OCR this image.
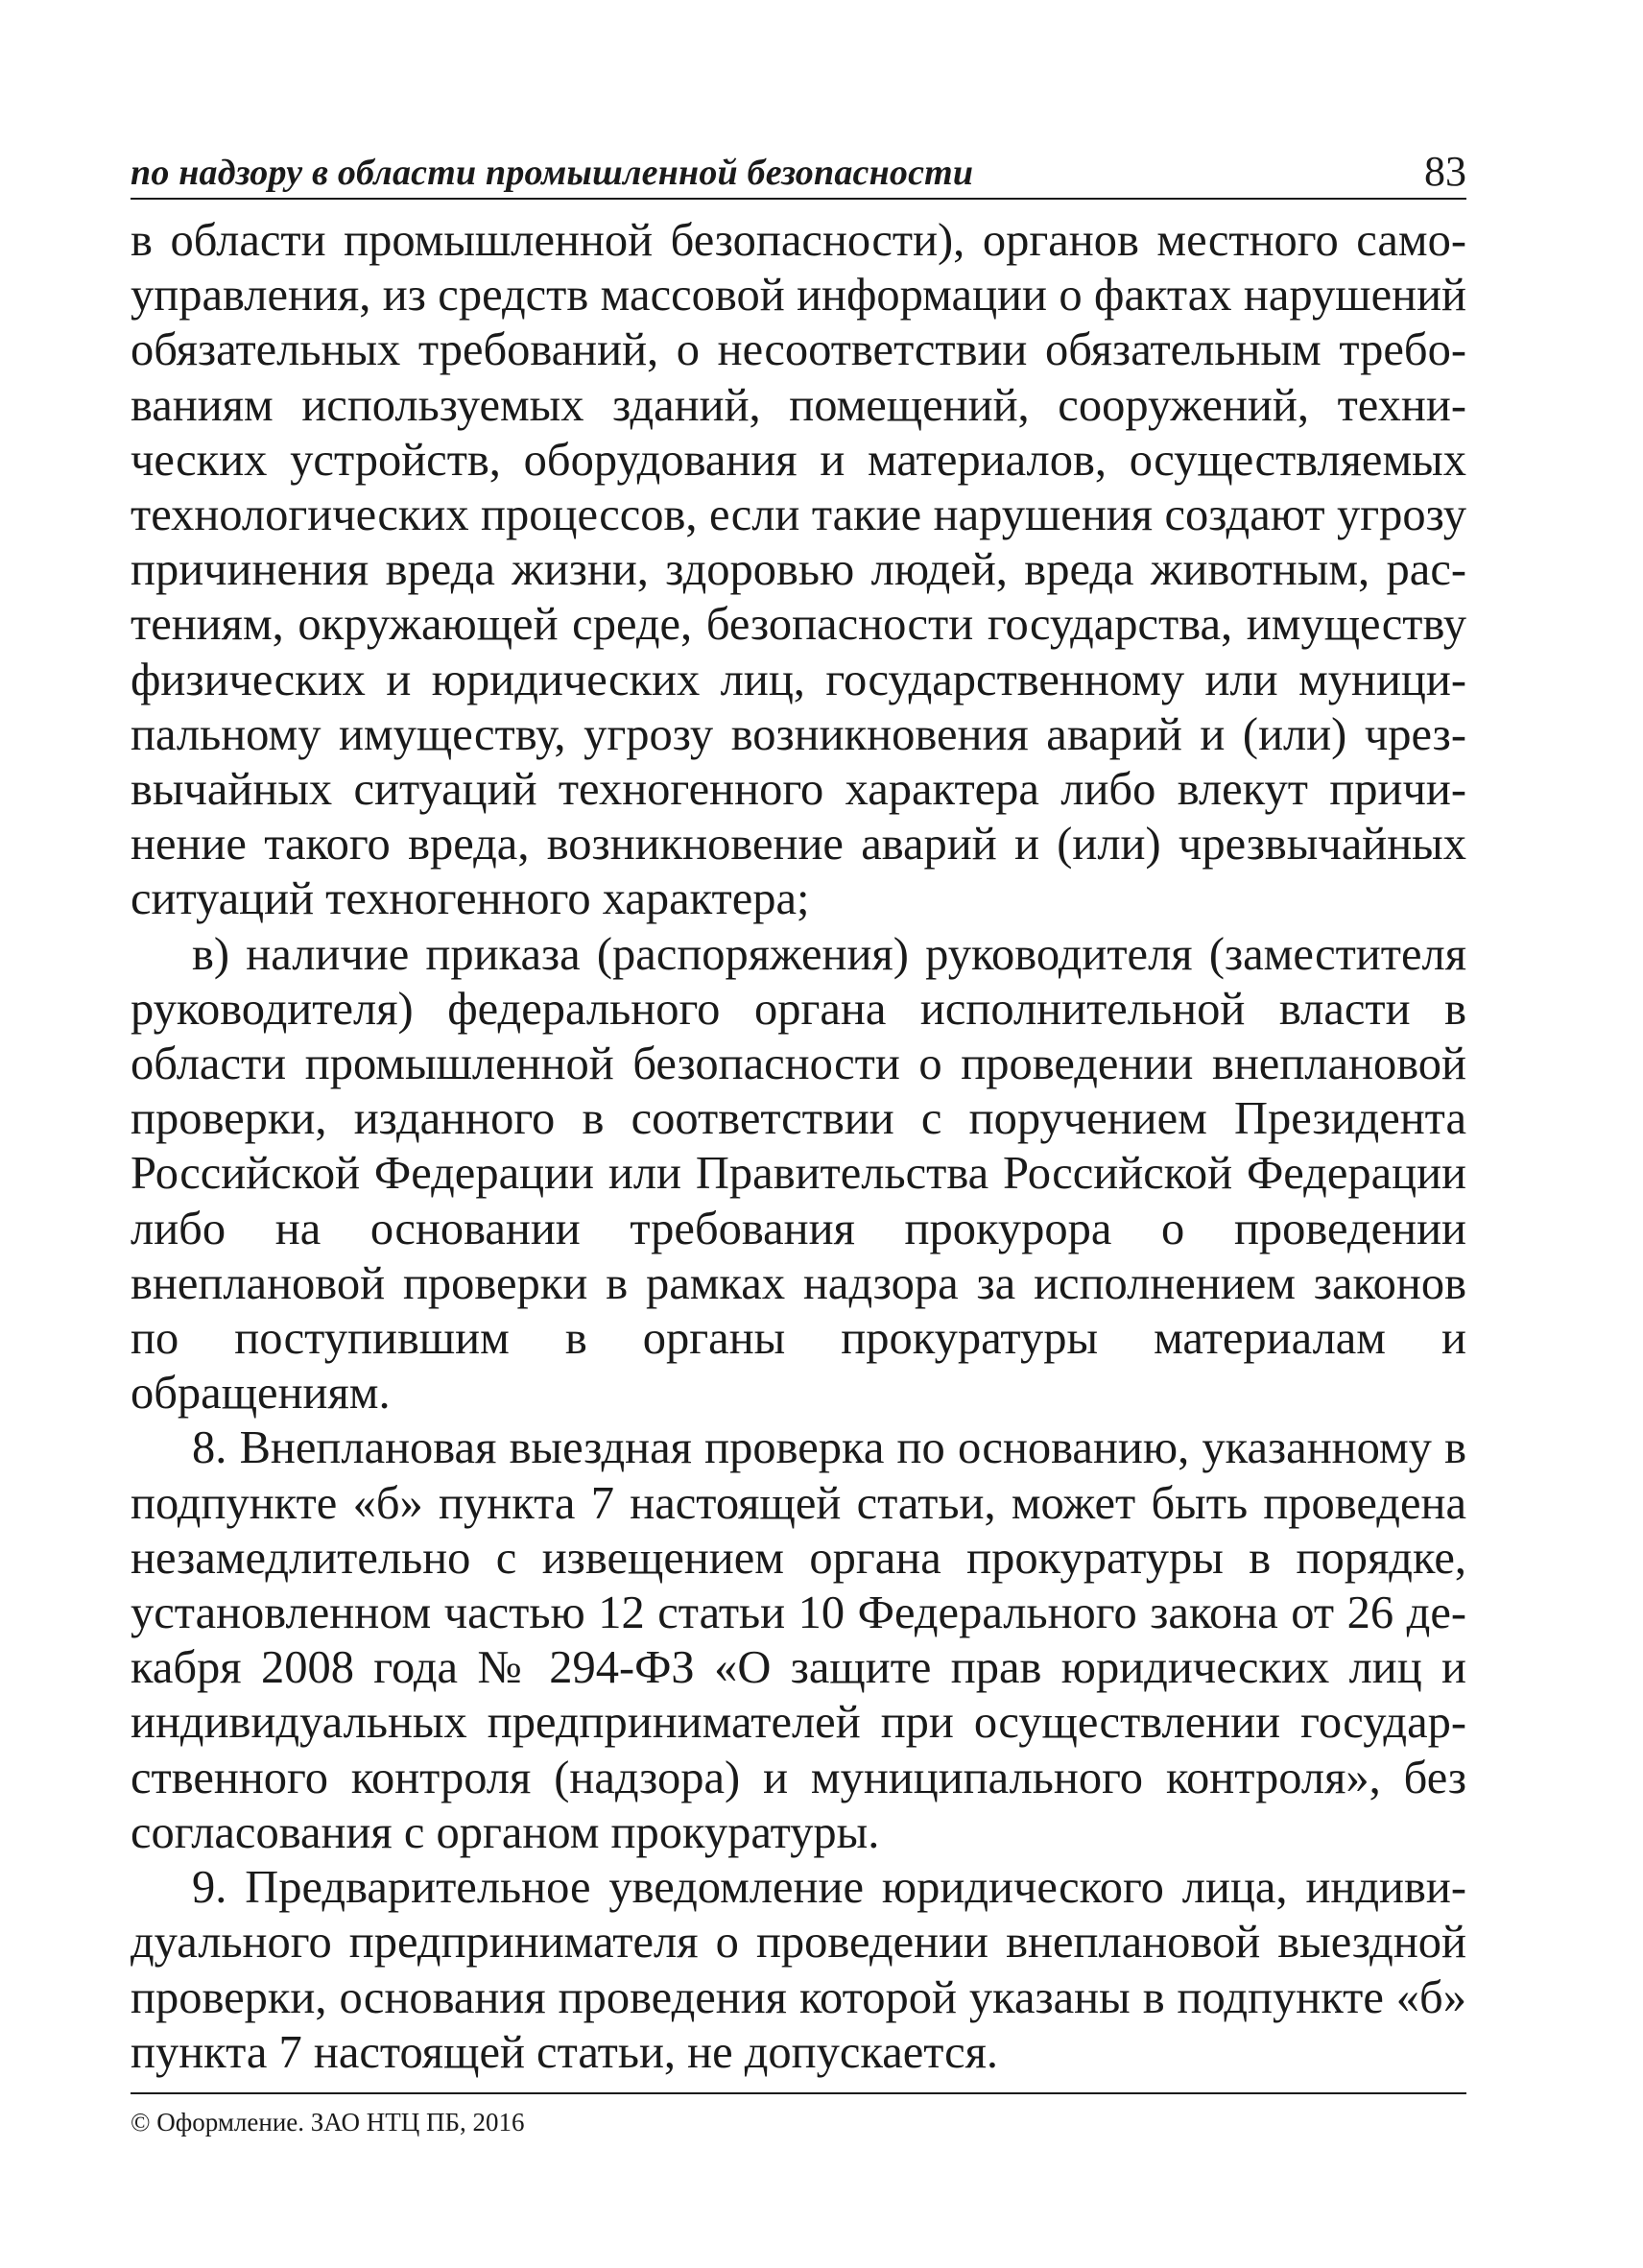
по надзору в области промышленной безопасности	83

в области промышленной безопасности), органов местного самоуправления, из средств массовой информации о фактах нарушений обязательных требований, о несоответствии обязательным требованиям используемых зданий, помещений, сооружений, технических устройств, оборудования и материалов, осуществляемых технологических процессов, если такие нарушения создают угрозу причинения вреда жизни, здоровью людей, вреда животным, растениям, окружающей среде, безопасности государства, имуществу физических и юридических лиц, государственному или муниципальному имуществу, угрозу возникновения аварий и (или) чрезвычайных ситуаций техногенного характера либо влекут причинение такого вреда, возникновение аварий и (или) чрезвычайных ситуаций техногенного характера;

в) наличие приказа (распоряжения) руководителя (заместителя руководителя) федерального органа исполнительной власти в области промышленной безопасности о проведении внеплановой проверки, изданного в соответствии с поручением Президента Российской Федерации или Правительства Российской Федерации либо на основании требования прокурора о проведении внеплановой проверки в рамках надзора за исполнением законов по поступившим в органы прокуратуры материалам и обращениям.

8. Внеплановая выездная проверка по основанию, указанному в подпункте «б» пункта 7 настоящей статьи, может быть проведена незамедлительно с извещением органа прокуратуры в порядке, установленном частью 12 статьи 10 Федерального закона от 26 декабря 2008 года № 294-ФЗ «О защите прав юридических лиц и индивидуальных предпринимателей при осуществлении государственного контроля (надзора) и муниципального контроля», без согласования с органом прокуратуры.

9. Предварительное уведомление юридического лица, индивидуального предпринимателя о проведении внеплановой выездной проверки, основания проведения которой указаны в подпункте «б» пункта 7 настоящей статьи, не допускается.

© Оформление. ЗАО НТЦ ПБ, 2016
